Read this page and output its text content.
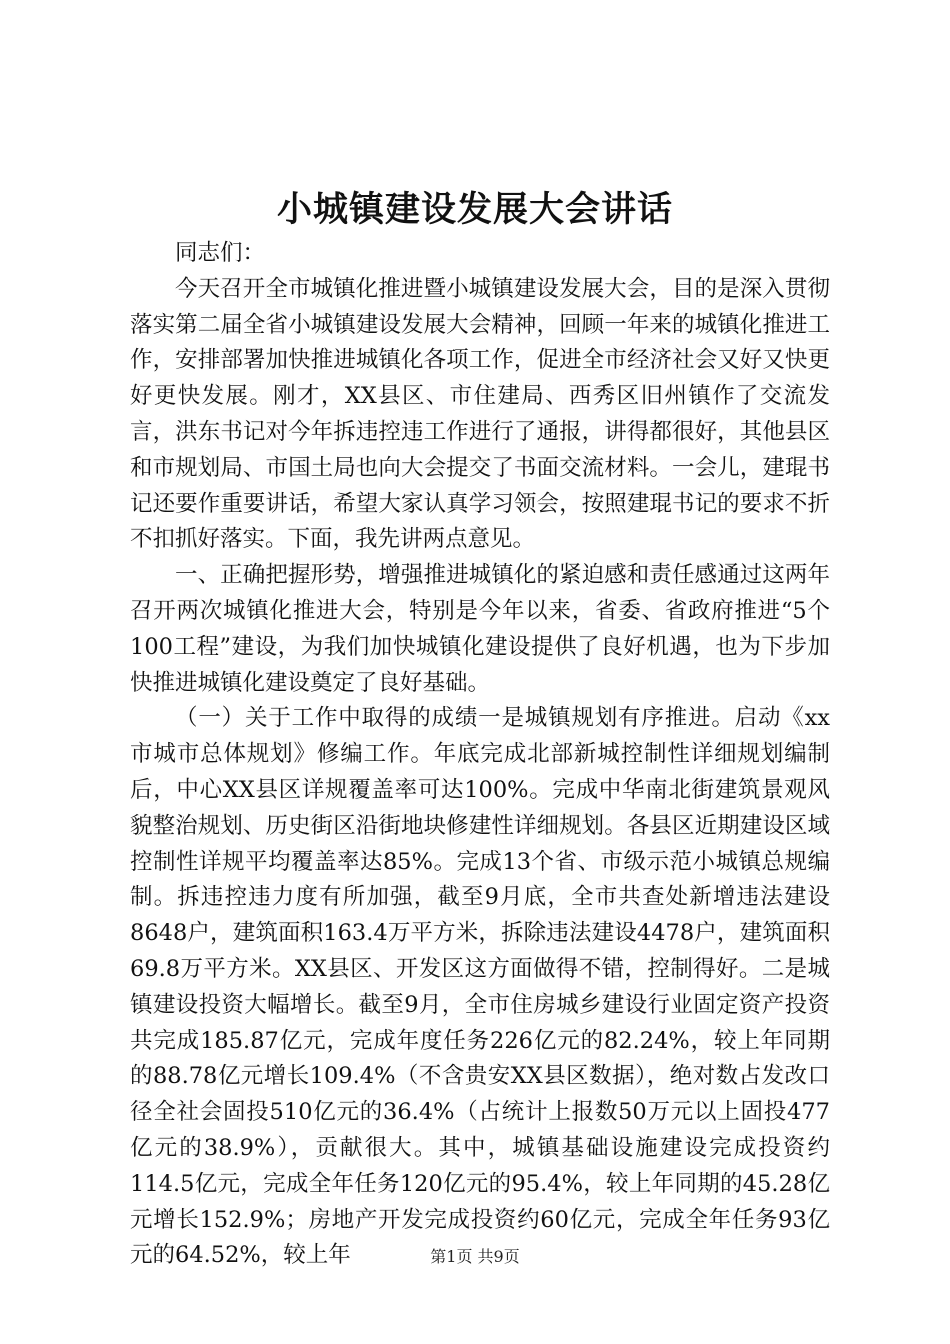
小城镇建设发展大会讲话

同志们：

今天召开全市城镇化推进暨小城镇建设发展大会，目的是深入贯彻落实第二届全省小城镇建设发展大会精神，回顾一年来的城镇化推进工作，安排部署加快推进城镇化各项工作，促进全市经济社会又好又快更好更快发展。刚才，XX县区、市住建局、西秀区旧州镇作了交流发言，洪东书记对今年拆违控违工作进行了通报，讲得都很好，其他县区和市规划局、市国土局也向大会提交了书面交流材料。一会儿，建琨书记还要作重要讲话，希望大家认真学习领会，按照建琨书记的要求不折不扣抓好落实。下面，我先讲两点意见。

一、正确把握形势，增强推进城镇化的紧迫感和责任感通过这两年召开两次城镇化推进大会，特别是今年以来，省委、省政府推进“5个100工程”建设，为我们加快城镇化建设提供了良好机遇，也为下步加快推进城镇化建设奠定了良好基础。

（一）关于工作中取得的成绩一是城镇规划有序推进。启动《xx市城市总体规划》修编工作。年底完成北部新城控制性详细规划编制后，中心XX县区详规覆盖率可达100%。完成中华南北街建筑景观风貌整治规划、历史街区沿街地块修建性详细规划。各县区近期建设区域控制性详规平均覆盖率达85%。完成13个省、市级示范小城镇总规编制。拆违控违力度有所加强，截至9月底，全市共查处新增违法建设8648户，建筑面积163.4万平方米，拆除违法建设4478户，建筑面积69.8万平方米。XX县区、开发区这方面做得不错，控制得好。二是城镇建设投资大幅增长。截至9月，全市住房城乡建设行业固定资产投资共完成185.87亿元，完成年度任务226亿元的82.24%，较上年同期的88.78亿元增长109.4%（不含贵安XX县区数据），绝对数占发改口径全社会固投510亿元的36.4%（占统计上报数50万元以上固投477亿元的38.9%），贡献很大。其中，城镇基础设施建设完成投资约114.5亿元，完成全年任务120亿元的95.4%，较上年同期的45.28亿元增长152.9%；房地产开发完成投资约60亿元，完成全年任务93亿元的64.52%，较上年	第1页 共9页
